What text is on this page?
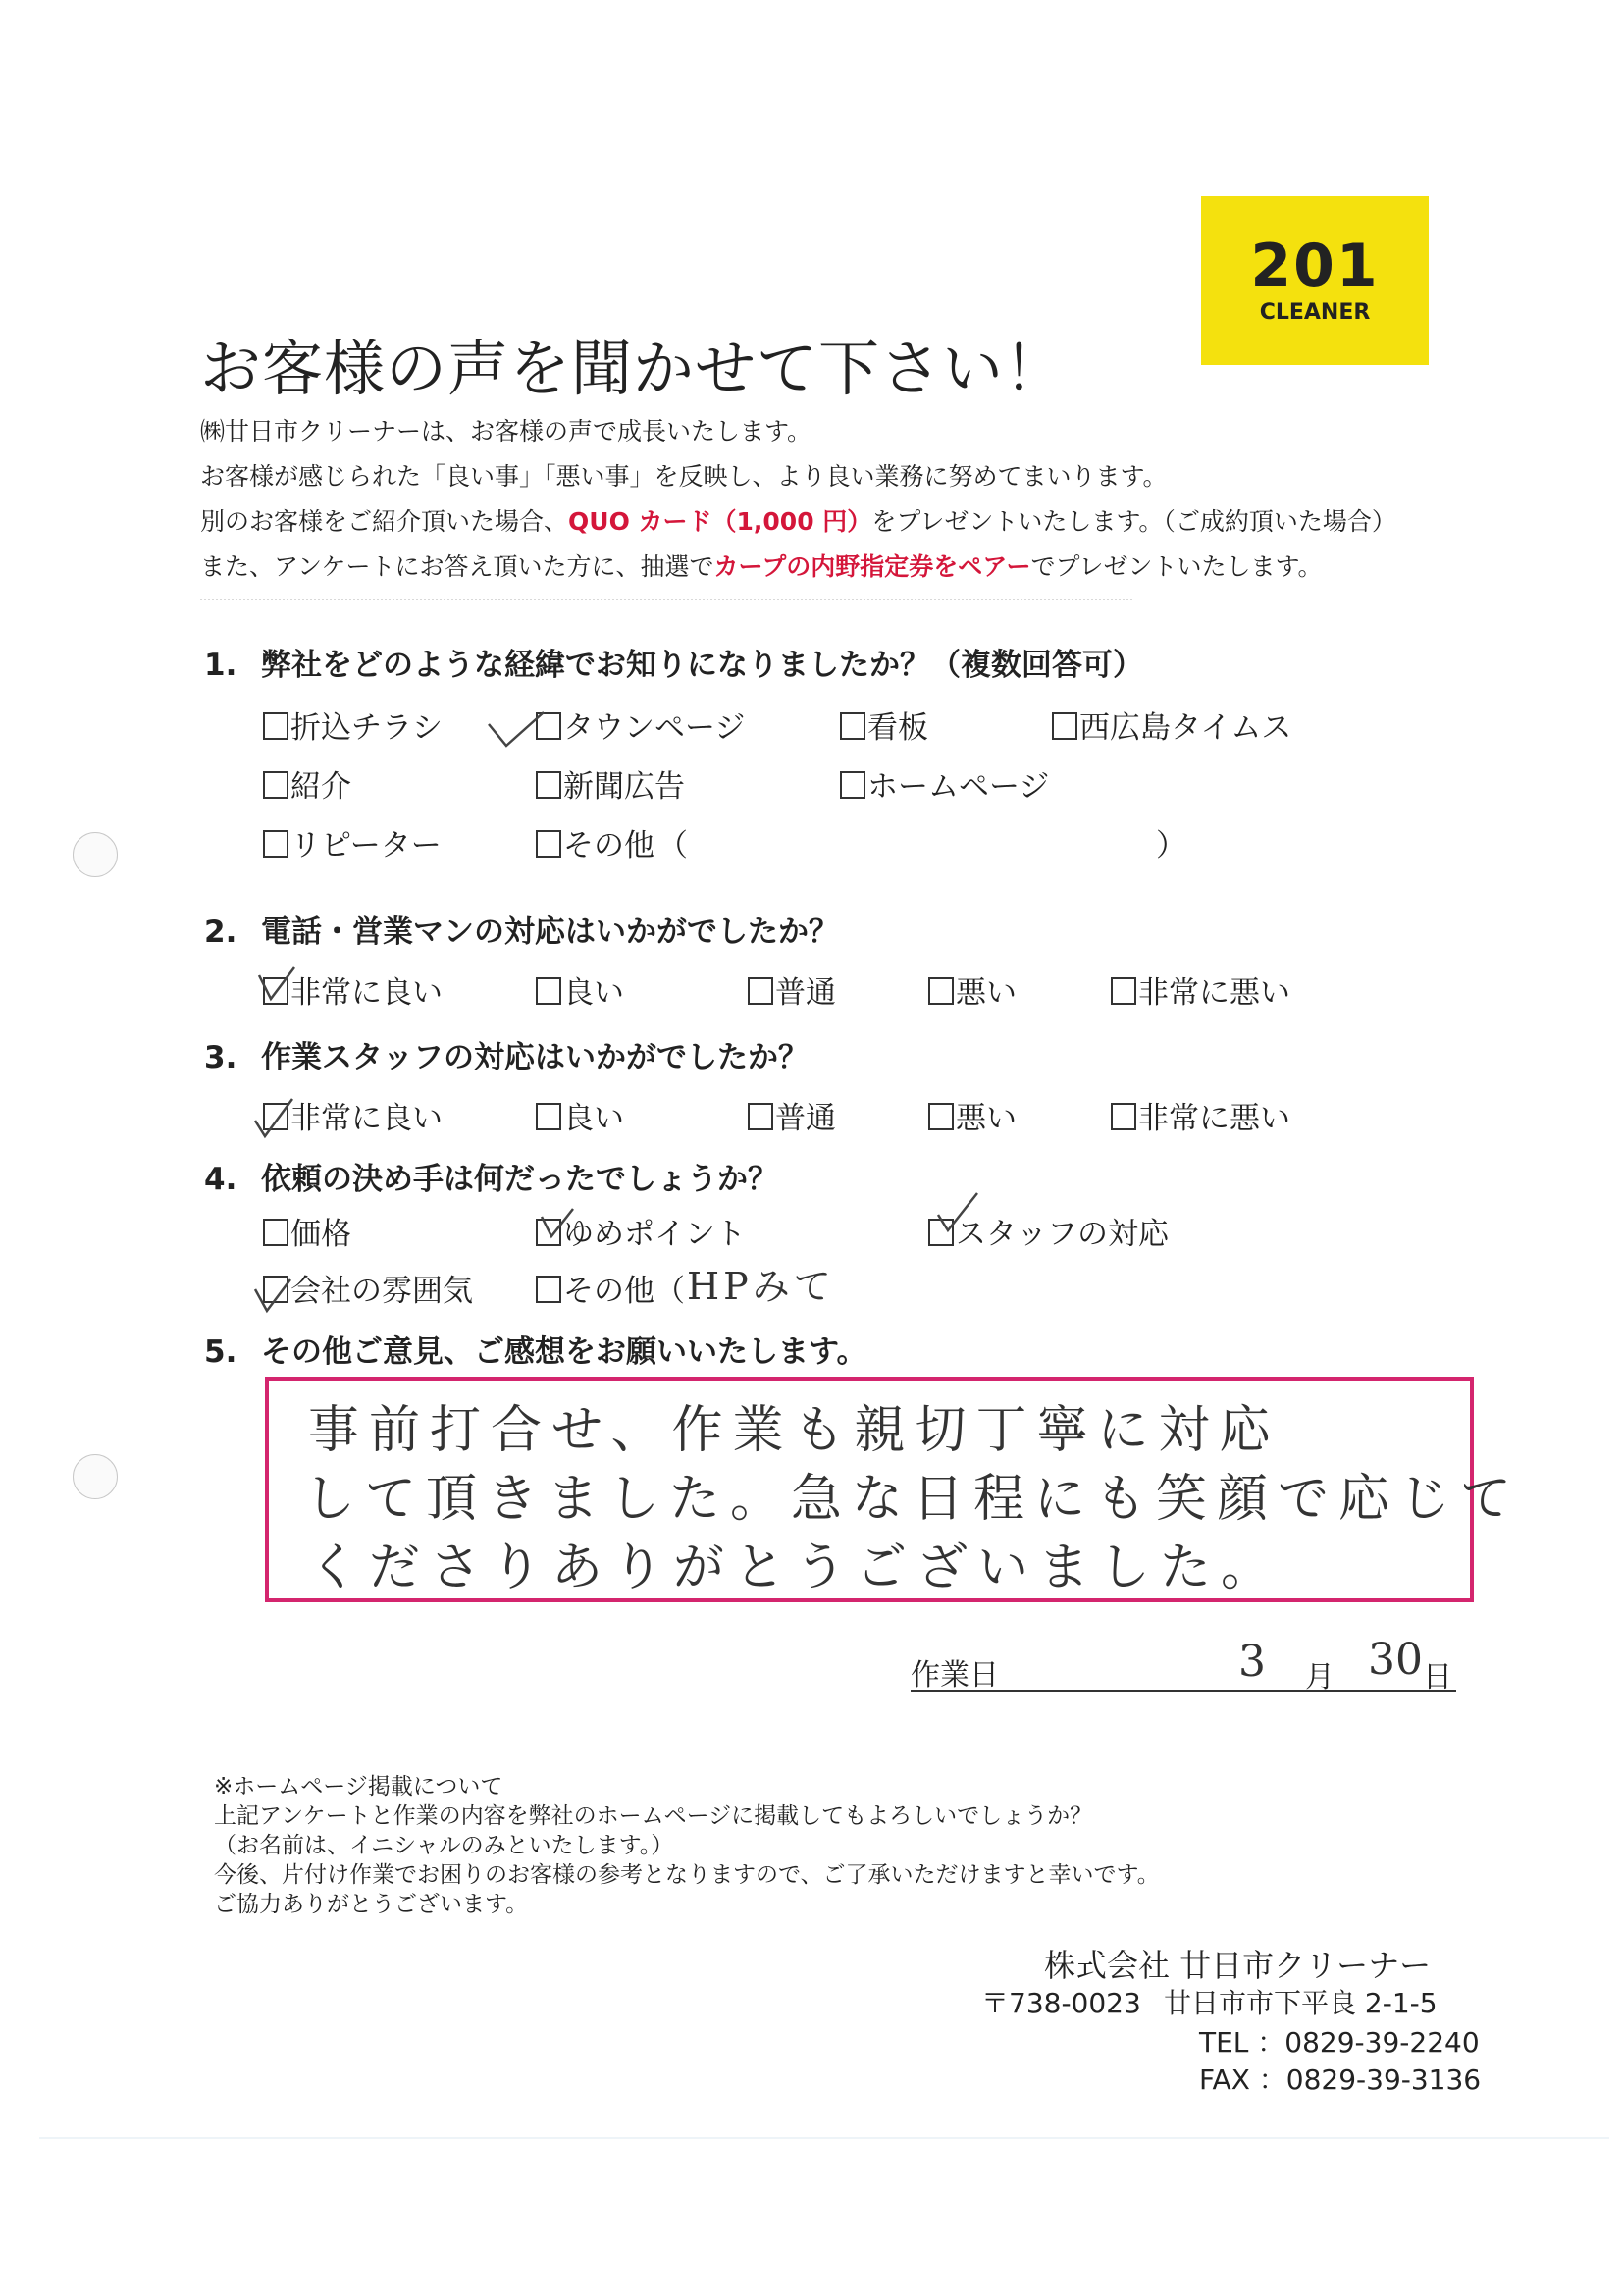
201
CLEANER
お客様の声を聞かせて下さい！
㈱廿日市クリーナーは、お客様の声で成長いたします。
お客様が感じられた「良い事」「悪い事」を反映し、より良い業務に努めてまいります。
別のお客様をご紹介頂いた場合、QUO カード（1,000 円）をプレゼントいたします。（ご成約頂いた場合）
また、アンケートにお答え頂いた方に、抽選でカープの内野指定券をペアーでプレゼントいたします。
1. 弊社をどのような経緯でお知りになりましたか？（複数回答可）
折込チラシ	タウンページ	看板	西広島タイムス
紹介	新聞広告	ホームページ
リピーター	その他 （	）
2. 電話・営業マンの対応はいかがでしたか？
非常に良い	良い	普通	悪い	非常に悪い
3. 作業スタッフの対応はいかがでしたか？
非常に良い	良い	普通	悪い	非常に悪い
4. 依頼の決め手は何だったでしょうか？
価格	ゆめポイント	スタッフの対応
会社の雰囲気	その他（ HPみて
5. その他ご意見、ご感想をお願いいたします。
事前打合せ、作業も親切丁寧に対応
して頂きました。急な日程にも笑顔で応じて
くださりありがとうございました。
作業日	3 月 30 日
※ホームページ掲載について
上記アンケートと作業の内容を弊社のホームページに掲載してもよろしいでしょうか？
（お名前は、イニシャルのみといたします。）
今後、片付け作業でお困りのお客様の参考となりますので、ご了承いただけますと幸いです。
ご協力ありがとうございます。
株式会社 廿日市クリーナー
〒738-0023 廿日市市下平良 2-1-5
TEL ：0829-39-2240
FAX ：0829-39-3136
